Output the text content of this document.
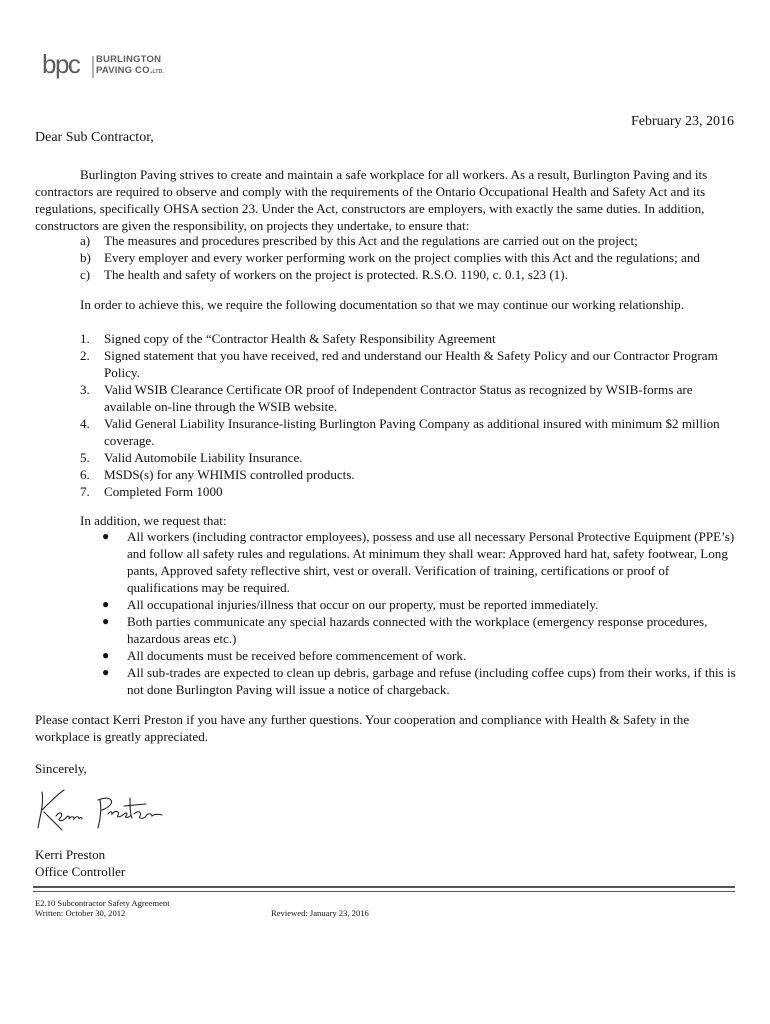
bpc BURLINGTON
PAVING CO.LTD.
February 23, 2016
Dear Sub Contractor,
Burlington Paving strives to create and maintain a safe workplace for all workers. As a result, Burlington Paving and its contractors are required to observe and comply with the requirements of the Ontario Occupational Health and Safety Act and its regulations, specifically OHSA section 23. Under the Act, constructors are employers, with exactly the same duties. In addition, constructors are given the responsibility, on projects they undertake, to ensure that:
a) The measures and procedures prescribed by this Act and the regulations are carried out on the project;
b) Every employer and every worker performing work on the project complies with this Act and the regulations; and
c) The health and safety of workers on the project is protected. R.S.O. 1190, c. 0.1, s23 (1).
In order to achieve this, we require the following documentation so that we may continue our working relationship.
1. Signed copy of the “Contractor Health & Safety Responsibility Agreement
2. Signed statement that you have received, red and understand our Health & Safety Policy and our Contractor Program Policy.
3. Valid WSIB Clearance Certificate OR proof of Independent Contractor Status as recognized by WSIB-forms are available on-line through the WSIB website.
4. Valid General Liability Insurance-listing Burlington Paving Company as additional insured with minimum $2 million coverage.
5. Valid Automobile Liability Insurance.
6. MSDS(s) for any WHIMIS controlled products.
7. Completed Form 1000
In addition, we request that:
● All workers (including contractor employees), possess and use all necessary Personal Protective Equipment (PPE’s) and follow all safety rules and regulations. At minimum they shall wear: Approved hard hat, safety footwear, Long pants, Approved safety reflective shirt, vest or overall. Verification of training, certifications or proof of qualifications may be required.
● All occupational injuries/illness that occur on our property, must be reported immediately.
● Both parties communicate any special hazards connected with the workplace (emergency response procedures, hazardous areas etc.)
● All documents must be received before commencement of work.
● All sub-trades are expected to clean up debris, garbage and refuse (including coffee cups) from their works, if this is not done Burlington Paving will issue a notice of chargeback.
Please contact Kerri Preston if you have any further questions. Your cooperation and compliance with Health & Safety in the workplace is greatly appreciated.
Sincerely,
Kerri Preston
Office Controller
E2.10 Subcontractor Safety Agreement
Written: October 30, 2012	Reviewed: January 23, 2016
